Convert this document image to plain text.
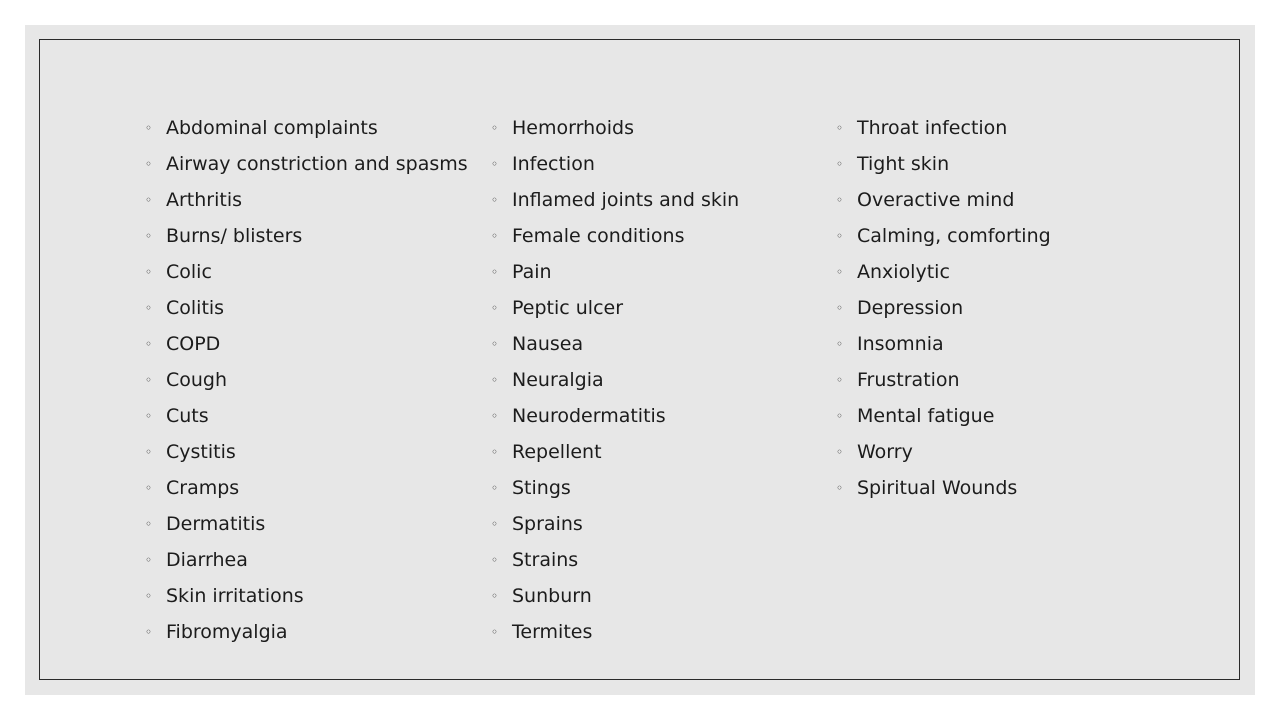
◦ Abdominal complaints
◦ Airway constriction and spasms
◦ Arthritis
◦ Burns/ blisters
◦ Colic
◦ Colitis
◦ COPD
◦ Cough
◦ Cuts
◦ Cystitis
◦ Cramps
◦ Dermatitis
◦ Diarrhea
◦ Skin irritations
◦ Fibromyalgia
◦ Hemorrhoids
◦ Infection
◦ Inflamed joints and skin
◦ Female conditions
◦ Pain
◦ Peptic ulcer
◦ Nausea
◦ Neuralgia
◦ Neurodermatitis
◦ Repellent
◦ Stings
◦ Sprains
◦ Strains
◦ Sunburn
◦ Termites
◦ Throat infection
◦ Tight skin
◦ Overactive mind
◦ Calming, comforting
◦ Anxiolytic
◦ Depression
◦ Insomnia
◦ Frustration
◦ Mental fatigue
◦ Worry
◦ Spiritual Wounds
